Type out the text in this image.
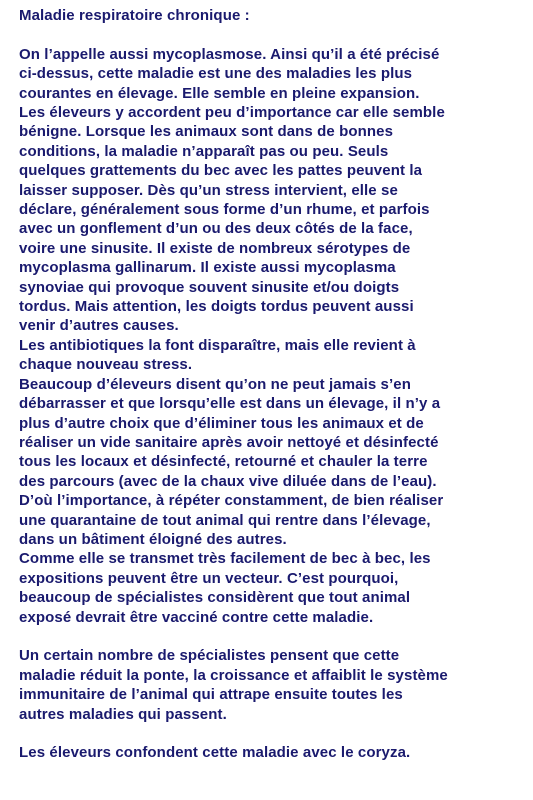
Maladie respiratoire chronique :
On l’appelle aussi mycoplasmose. Ainsi qu’il a été précisé
ci-dessus, cette maladie est une des maladies les plus
courantes en élevage. Elle semble en pleine expansion.
Les éleveurs y accordent peu d’importance car elle semble
bénigne. Lorsque les animaux sont dans de bonnes
conditions, la maladie n’apparaît pas ou peu. Seuls
quelques grattements du bec avec les pattes peuvent la
laisser supposer. Dès qu’un stress intervient, elle se
déclare, généralement sous forme d’un rhume, et parfois
avec un gonflement d’un ou des deux côtés de la face,
voire une sinusite. Il existe de nombreux sérotypes de
mycoplasma gallinarum. Il existe aussi mycoplasma
synoviae qui provoque souvent sinusite et/ou doigts
tordus. Mais attention, les doigts tordus peuvent aussi
venir d’autres causes.
Les antibiotiques la font disparaître, mais elle revient à
chaque nouveau stress.
Beaucoup d’éleveurs disent qu’on ne peut jamais s’en
débarrasser et que lorsqu’elle est dans un élevage, il n’y a
plus d’autre choix que d’éliminer tous les animaux et de
réaliser un vide sanitaire après avoir nettoyé et désinfecté
tous les locaux et désinfecté, retourné et chauler la terre
des parcours (avec de la chaux vive diluée dans de l’eau).
D’où l’importance, à répéter constamment, de bien réaliser
une quarantaine de tout animal qui rentre dans l’élevage,
dans un bâtiment éloigné des autres.
Comme elle se transmet très facilement de bec à bec, les
expositions peuvent être un vecteur. C’est pourquoi,
beaucoup de spécialistes considèrent que tout animal
exposé devrait être vacciné contre cette maladie.
Un certain nombre de spécialistes pensent que cette
maladie réduit la ponte, la croissance et affaiblit le système
immunitaire de l’animal qui attrape ensuite toutes les
autres maladies qui passent.
Les éleveurs confondent cette maladie avec le coryza.
